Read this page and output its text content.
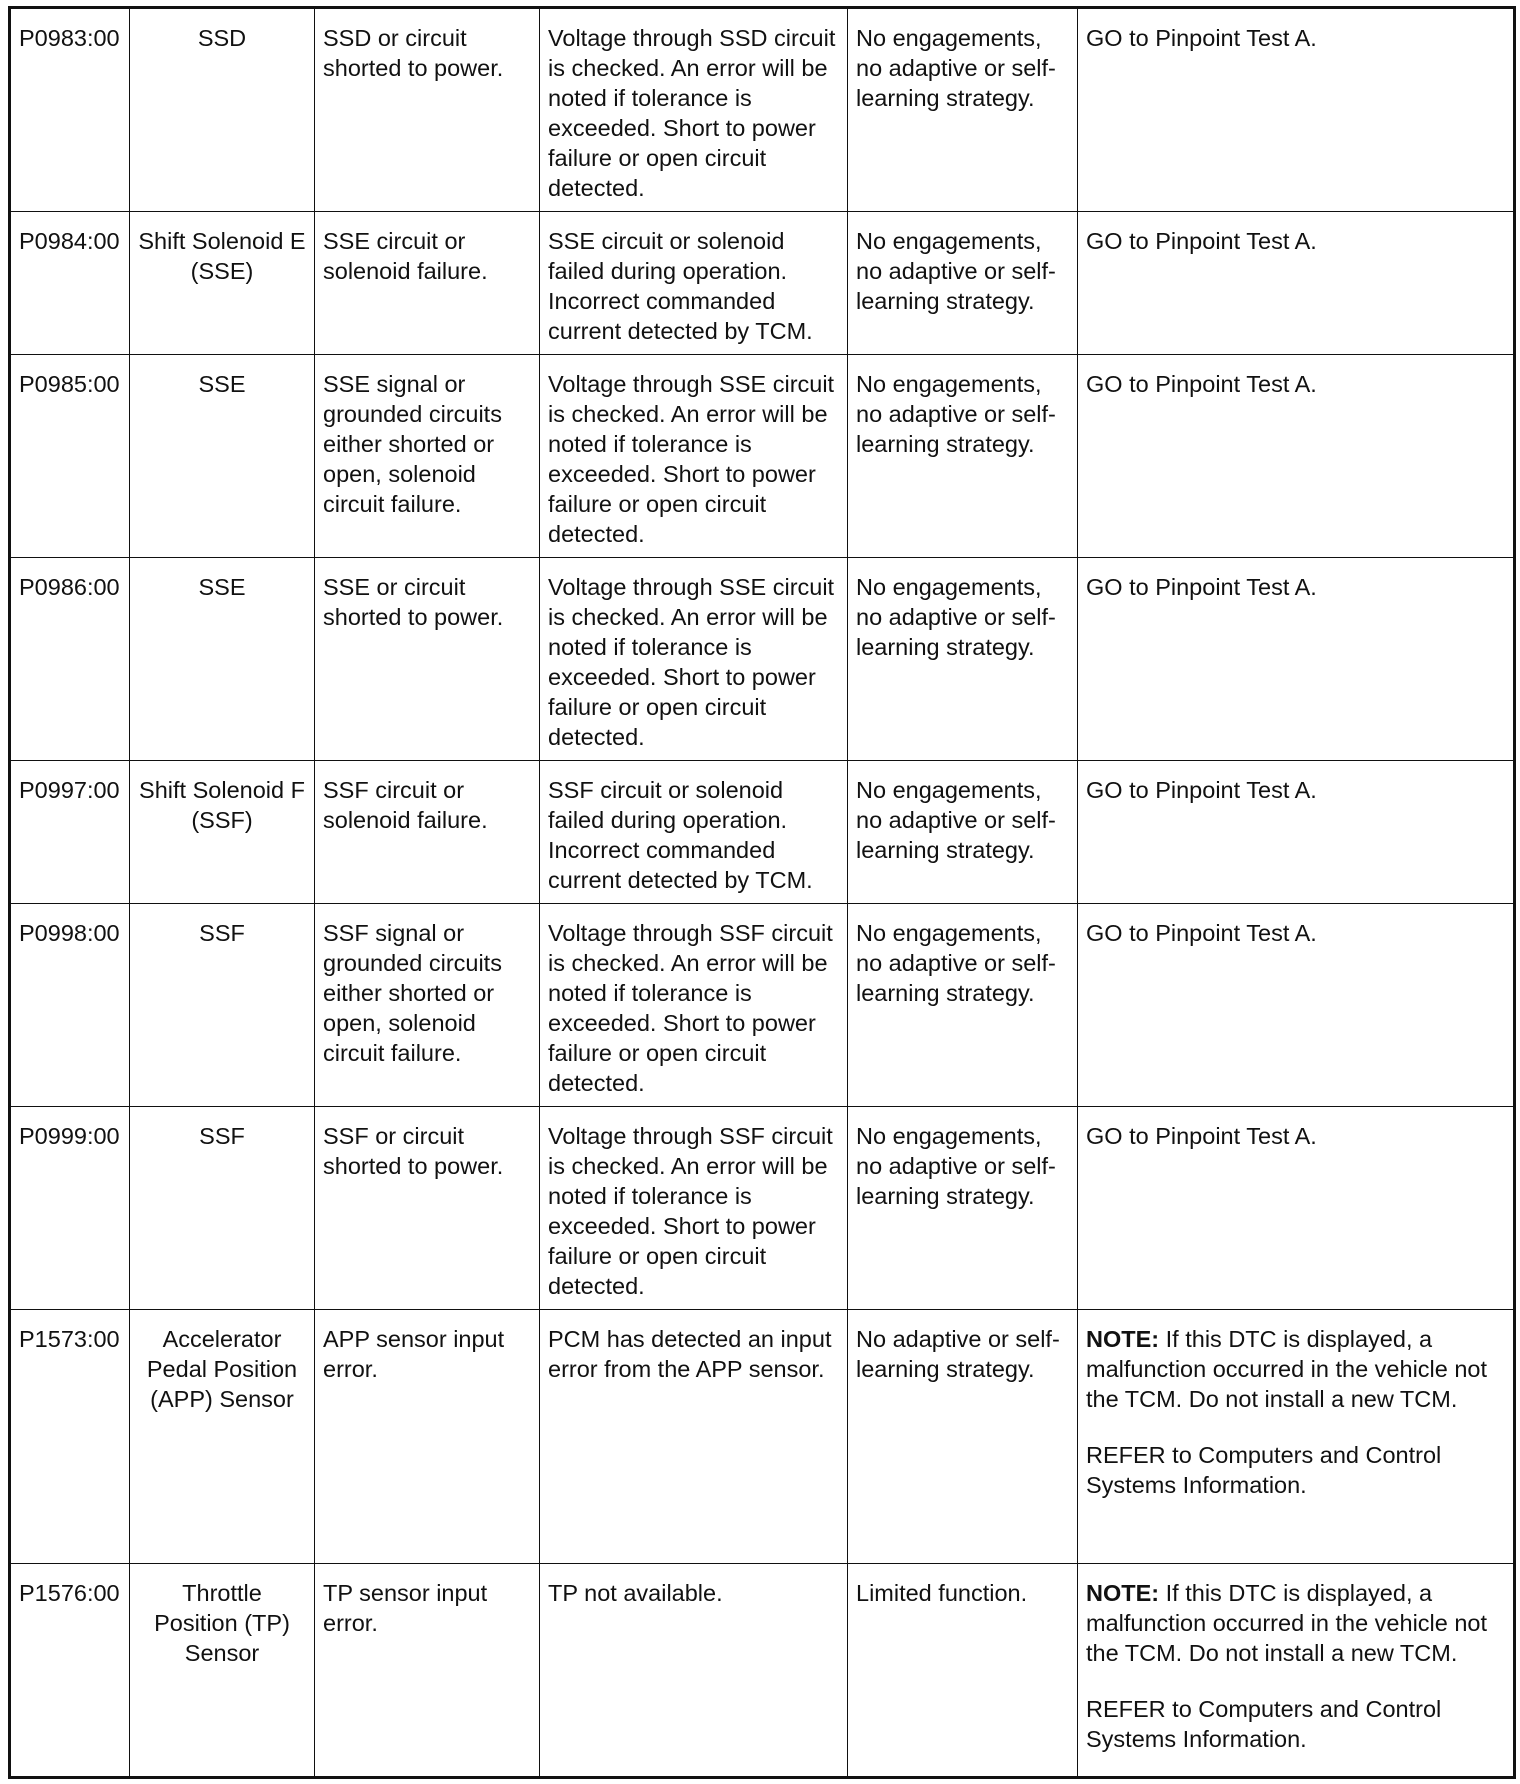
P0983:00	SSD	SSD or circuit shorted to power.	Voltage through SSD circuit is checked. An error will be noted if tolerance is exceeded. Short to power failure or open circuit detected.	No engagements, no adaptive or self-learning strategy.	GO to Pinpoint Test A.

P0984:00	Shift Solenoid E (SSE)	SSE circuit or solenoid failure.	SSE circuit or solenoid failed during operation. Incorrect commanded current detected by TCM.	No engagements, no adaptive or self-learning strategy.	GO to Pinpoint Test A.

P0985:00	SSE	SSE signal or grounded circuits either shorted or open, solenoid circuit failure.	Voltage through SSE circuit is checked. An error will be noted if tolerance is exceeded. Short to power failure or open circuit detected.	No engagements, no adaptive or self-learning strategy.	GO to Pinpoint Test A.

P0986:00	SSE	SSE or circuit shorted to power.	Voltage through SSE circuit is checked. An error will be noted if tolerance is exceeded. Short to power failure or open circuit detected.	No engagements, no adaptive or self-learning strategy.	GO to Pinpoint Test A.

P0997:00	Shift Solenoid F (SSF)	SSF circuit or solenoid failure.	SSF circuit or solenoid failed during operation. Incorrect commanded current detected by TCM.	No engagements, no adaptive or self-learning strategy.	GO to Pinpoint Test A.

P0998:00	SSF	SSF signal or grounded circuits either shorted or open, solenoid circuit failure.	Voltage through SSF circuit is checked. An error will be noted if tolerance is exceeded. Short to power failure or open circuit detected.	No engagements, no adaptive or self-learning strategy.	GO to Pinpoint Test A.

P0999:00	SSF	SSF or circuit shorted to power.	Voltage through SSF circuit is checked. An error will be noted if tolerance is exceeded. Short to power failure or open circuit detected.	No engagements, no adaptive or self-learning strategy.	GO to Pinpoint Test A.

P1573:00	Accelerator Pedal Position (APP) Sensor	APP sensor input error.	PCM has detected an input error from the APP sensor.	No adaptive or self-learning strategy.	NOTE: If this DTC is displayed, a malfunction occurred in the vehicle not the TCM. Do not install a new TCM.

REFER to Computers and Control Systems Information.

P1576:00	Throttle Position (TP) Sensor	TP sensor input error.	TP not available.	Limited function.	NOTE: If this DTC is displayed, a malfunction occurred in the vehicle not the TCM. Do not install a new TCM.

REFER to Computers and Control Systems Information.
